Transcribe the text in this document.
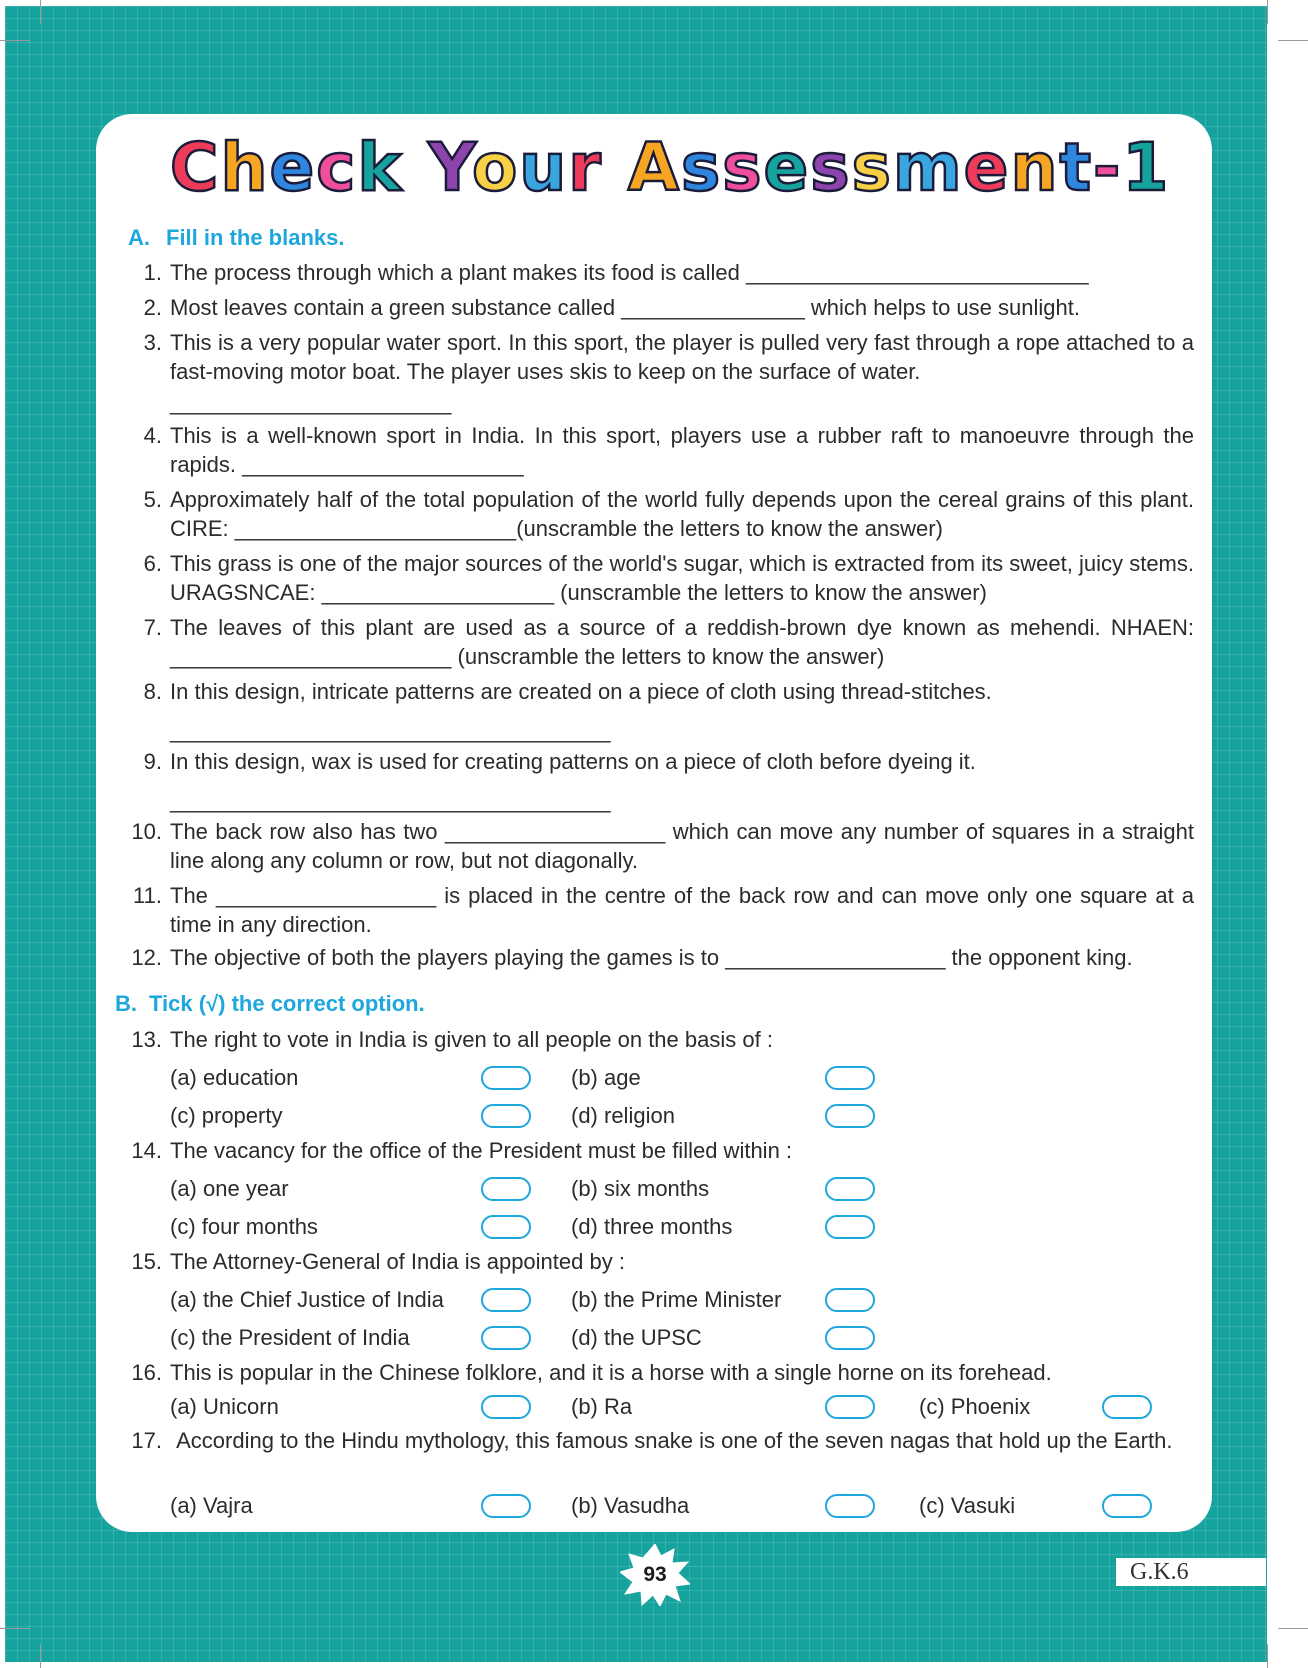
Check Your Assessment-1
A. Fill in the blanks.
1. The process through which a plant makes its food is called ____________________________
2. Most leaves contain a green substance called _______________ which helps to use sunlight.
3. This is a very popular water sport. In this sport, the player is pulled very fast through a rope attached to a fast-moving motor boat. The player uses skis to keep on the surface of water.
_______________________
4. This is a well-known sport in India. In this sport, players use a rubber raft to manoeuvre through the rapids. _______________________
5. Approximately half of the total population of the world fully depends upon the cereal grains of this plant. CIRE: _______________________(unscramble the letters to know the answer)
6. This grass is one of the major sources of the world's sugar, which is extracted from its sweet, juicy stems. URAGSNCAE: ___________________ (unscramble the letters to know the answer)
7. The leaves of this plant are used as a source of a reddish-brown dye known as mehendi. NHAEN: _______________________ (unscramble the letters to know the answer)
8. In this design, intricate patterns are created on a piece of cloth using thread-stitches.
____________________________________
9. In this design, wax is used for creating patterns on a piece of cloth before dyeing it.
____________________________________
10. The back row also has two __________________ which can move any number of squares in a straight line along any column or row, but not diagonally.
11. The __________________ is placed in the centre of the back row and can move only one square at a time in any direction.
12. The objective of both the players playing the games is to __________________ the opponent king.
B. Tick (√) the correct option.
13. The right to vote in India is given to all people on the basis of :
(a) education	(b) age
(c) property	(d) religion
14. The vacancy for the office of the President must be filled within :
(a) one year	(b) six months
(c) four months	(d) three months
15. The Attorney-General of India is appointed by :
(a) the Chief Justice of India	(b) the Prime Minister
(c) the President of India	(d) the UPSC
16. This is popular in the Chinese folklore, and it is a horse with a single horne on its forehead.
(a) Unicorn	(b) Ra	(c) Phoenix
17. According to the Hindu mythology, this famous snake is one of the seven nagas that hold up the Earth.
(a) Vajra	(b) Vasudha	(c) Vasuki
93	G.K.6
